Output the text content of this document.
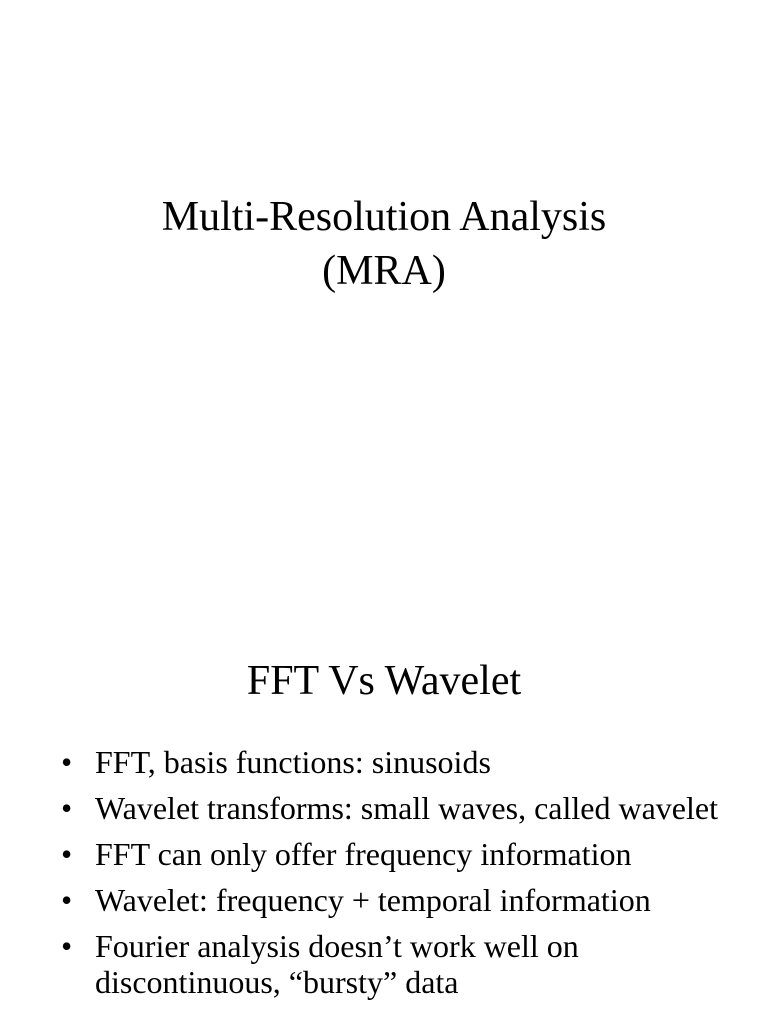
Multi-Resolution Analysis
(MRA)
FFT Vs Wavelet
• FFT, basis functions: sinusoids
• Wavelet transforms: small waves, called wavelet
• FFT can only offer frequency information
• Wavelet: frequency + temporal information
• Fourier analysis doesn’t work well on discontinuous, “bursty” data
